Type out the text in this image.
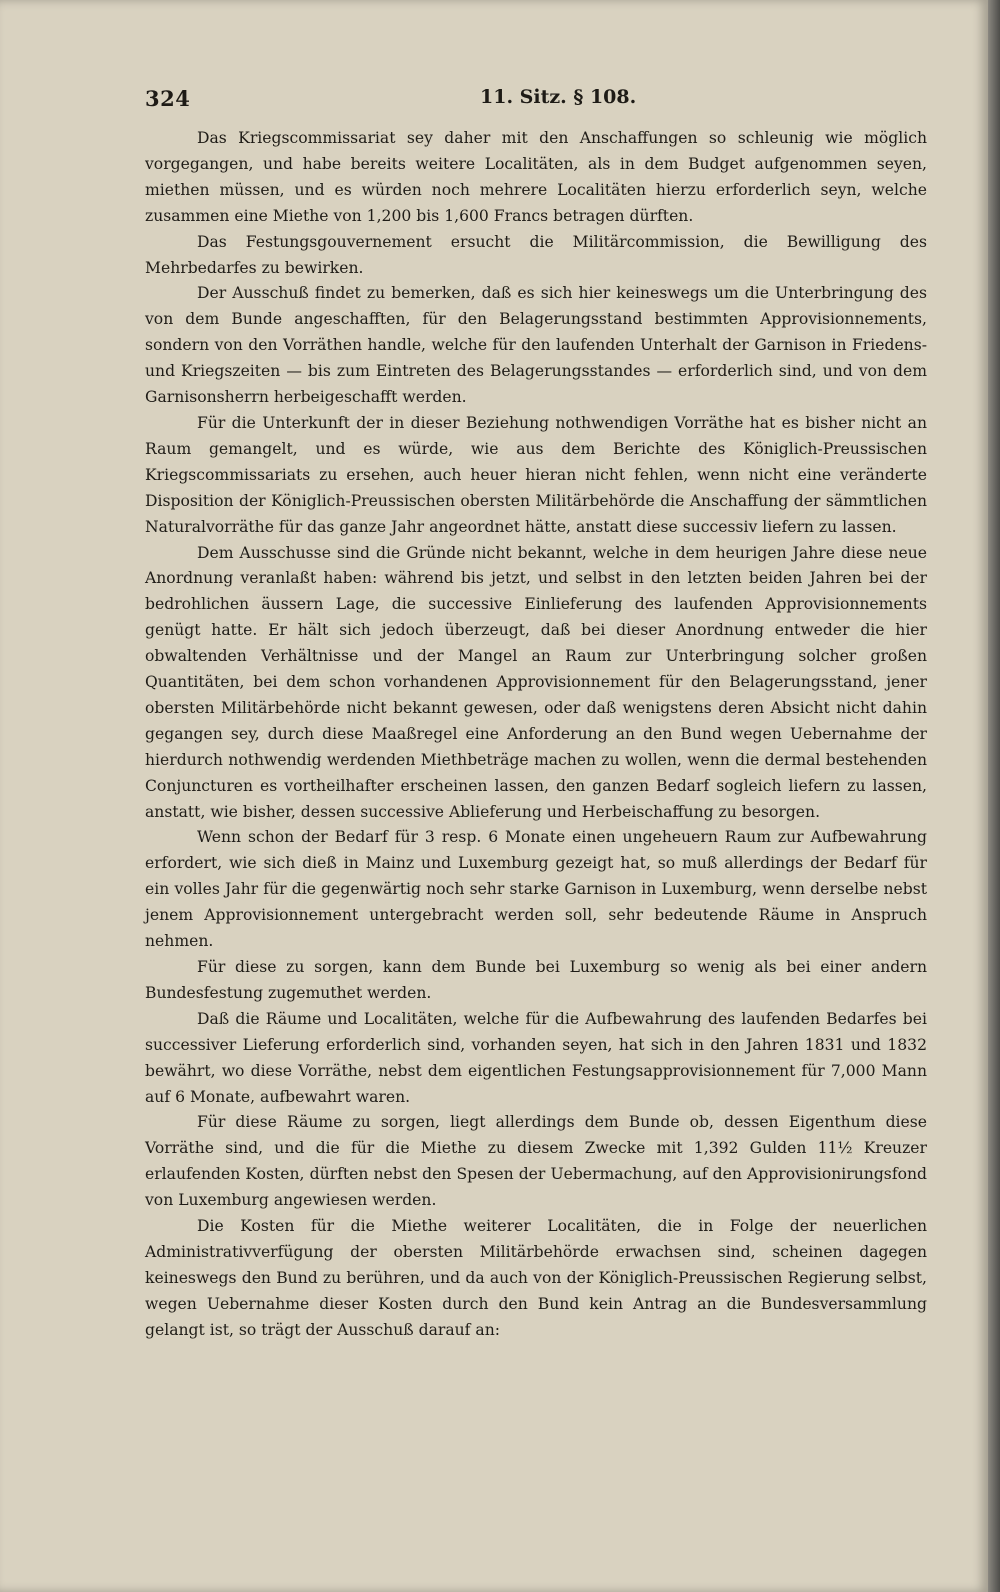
324	11. Sitz. § 108.

Das Kriegscommissariat sey daher mit den Anschaffungen so schleunig wie möglich vorgegangen, und habe bereits weitere Localitäten, als in dem Budget aufgenommen seyen, miethen müssen, und es würden noch mehrere Localitäten hierzu erforderlich seyn, welche zusammen eine Miethe von 1,200 bis 1,600 Francs betragen dürften.

Das Festungsgouvernement ersucht die Militärcommission, die Bewilligung des Mehrbedarfes zu bewirken.

Der Ausschuß findet zu bemerken, daß es sich hier keineswegs um die Unterbringung des von dem Bunde angeschafften, für den Belagerungsstand bestimmten Approvisionnements, sondern von den Vorräthen handle, welche für den laufenden Unterhalt der Garnison in Friedens- und Kriegszeiten — bis zum Eintreten des Belagerungsstandes — erforderlich sind, und von dem Garnisonsherrn herbeigeschafft werden.

Für die Unterkunft der in dieser Beziehung nothwendigen Vorräthe hat es bisher nicht an Raum gemangelt, und es würde, wie aus dem Berichte des Königlich-Preussischen Kriegscommissariats zu ersehen, auch heuer hieran nicht fehlen, wenn nicht eine veränderte Disposition der Königlich-Preussischen obersten Militärbehörde die Anschaffung der sämmtlichen Naturalvorräthe für das ganze Jahr angeordnet hätte, anstatt diese successiv liefern zu lassen.

Dem Ausschusse sind die Gründe nicht bekannt, welche in dem heurigen Jahre diese neue Anordnung veranlaßt haben: während bis jetzt, und selbst in den letzten beiden Jahren bei der bedrohlichen äussern Lage, die successive Einlieferung des laufenden Approvisionnements genügt hatte. Er hält sich jedoch überzeugt, daß bei dieser Anordnung entweder die hier obwaltenden Verhältnisse und der Mangel an Raum zur Unterbringung solcher großen Quantitäten, bei dem schon vorhandenen Approvisionnement für den Belagerungsstand, jener obersten Militärbehörde nicht bekannt gewesen, oder daß wenigstens deren Absicht nicht dahin gegangen sey, durch diese Maaßregel eine Anforderung an den Bund wegen Uebernahme der hierdurch nothwendig werdenden Miethbeträge machen zu wollen, wenn die dermal bestehenden Conjuncturen es vortheilhafter erscheinen lassen, den ganzen Bedarf sogleich liefern zu lassen, anstatt, wie bisher, dessen successive Ablieferung und Herbeischaffung zu besorgen.

Wenn schon der Bedarf für 3 resp. 6 Monate einen ungeheuern Raum zur Aufbewahrung erfordert, wie sich dieß in Mainz und Luxemburg gezeigt hat, so muß allerdings der Bedarf für ein volles Jahr für die gegenwärtig noch sehr starke Garnison in Luxemburg, wenn derselbe nebst jenem Approvisionnement untergebracht werden soll, sehr bedeutende Räume in Anspruch nehmen.

Für diese zu sorgen, kann dem Bunde bei Luxemburg so wenig als bei einer andern Bundesfestung zugemuthet werden.

Daß die Räume und Localitäten, welche für die Aufbewahrung des laufenden Bedarfes bei successiver Lieferung erforderlich sind, vorhanden seyen, hat sich in den Jahren 1831 und 1832 bewährt, wo diese Vorräthe, nebst dem eigentlichen Festungsapprovisionnement für 7,000 Mann auf 6 Monate, aufbewahrt waren.

Für diese Räume zu sorgen, liegt allerdings dem Bunde ob, dessen Eigenthum diese Vorräthe sind, und die für die Miethe zu diesem Zwecke mit 1,392 Gulden 11½ Kreuzer erlaufenden Kosten, dürften nebst den Spesen der Uebermachung, auf den Approvisionirungsfond von Luxemburg angewiesen werden.

Die Kosten für die Miethe weiterer Localitäten, die in Folge der neuerlichen Administrativverfügung der obersten Militärbehörde erwachsen sind, scheinen dagegen keineswegs den Bund zu berühren, und da auch von der Königlich-Preussischen Regierung selbst, wegen Uebernahme dieser Kosten durch den Bund kein Antrag an die Bundesversammlung gelangt ist, so trägt der Ausschuß darauf an:
